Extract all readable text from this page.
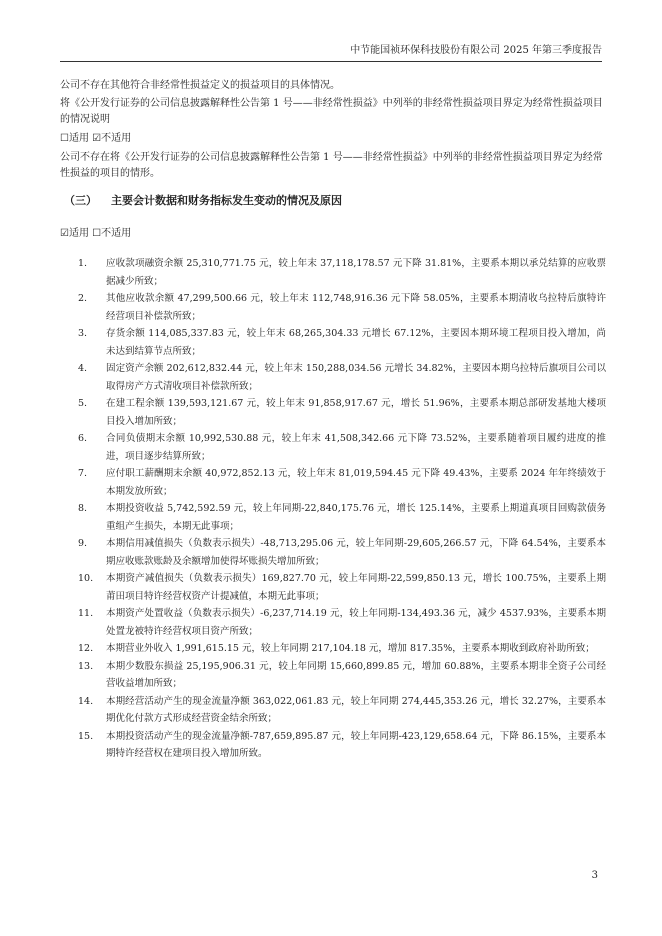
中节能国祯环保科技股份有限公司 2025 年第三季度报告
公司不存在其他符合非经常性损益定义的损益项目的具体情况。
将《公开发行证券的公司信息披露解释性公告第 1 号——非经常性损益》中列举的非经常性损益项目界定为经常性损益项目的情况说明
☐适用 ☑不适用
公司不存在将《公开发行证券的公司信息披露解释性公告第 1 号——非经常性损益》中列举的非经常性损益项目界定为经常性损益的项目的情形。
（三） 主要会计数据和财务指标发生变动的情况及原因
☑适用 ☐不适用
1.	应收款项融资余额 25,310,771.75 元，较上年末 37,118,178.57 元下降 31.81%，主要系本期以承兑结算的应收票据减少所致；
2.	其他应收款余额 47,299,500.66 元，较上年末 112,748,916.36 元下降 58.05%，主要系本期清收乌拉特后旗特许经营项目补偿款所致；
3.	存货余额 114,085,337.83 元，较上年末 68,265,304.33 元增长 67.12%，主要因本期环境工程项目投入增加，尚未达到结算节点所致；
4.	固定资产余额 202,612,832.44 元，较上年末 150,288,034.56 元增长 34.82%，主要因本期乌拉特后旗项目公司以取得房产方式清收项目补偿款所致；
5.	在建工程余额 139,593,121.67 元，较上年末 91,858,917.67 元，增长 51.96%，主要系本期总部研发基地大楼项目投入增加所致；
6.	合同负债期末余额 10,992,530.88 元，较上年末 41,508,342.66 元下降 73.52%，主要系随着项目履约进度的推进，项目逐步结算所致；
7.	应付职工薪酬期末余额 40,972,852.13 元，较上年末 81,019,594.45 元下降 49.43%，主要系 2024 年年终绩效于本期发放所致；
8.	本期投资收益 5,742,592.59 元，较上年同期-22,840,175.76 元，增长 125.14%，主要系上期道真项目回购款债务重组产生损失，本期无此事项；
9.	本期信用减值损失（负数表示损失）-48,713,295.06 元，较上年同期-29,605,266.57 元，下降 64.54%，主要系本期应收账款账龄及余额增加使得坏账损失增加所致；
10.	本期资产减值损失（负数表示损失）169,827.70 元，较上年同期-22,599,850.13 元，增长 100.75%，主要系上期莆田项目特许经营权资产计提减值，本期无此事项；
11.	本期资产处置收益（负数表示损失）-6,237,714.19 元，较上年同期-134,493.36 元，减少 4537.93%，主要系本期处置龙被特许经营权项目资产所致；
12.	本期营业外收入 1,991,615.15 元，较上年同期 217,104.18 元，增加 817.35%，主要系本期收到政府补助所致；
13.	本期少数股东损益 25,195,906.31 元，较上年同期 15,660,899.85 元，增加 60.88%，主要系本期非全资子公司经营收益增加所致；
14.	本期经营活动产生的现金流量净额 363,022,061.83 元，较上年同期 274,445,353.26 元，增长 32.27%，主要系本期优化付款方式形成经营资金结余所致；
15.	本期投资活动产生的现金流量净额-787,659,895.87 元，较上年同期-423,129,658.64 元，下降 86.15%，主要系本期特许经营权在建项目投入增加所致。
3
